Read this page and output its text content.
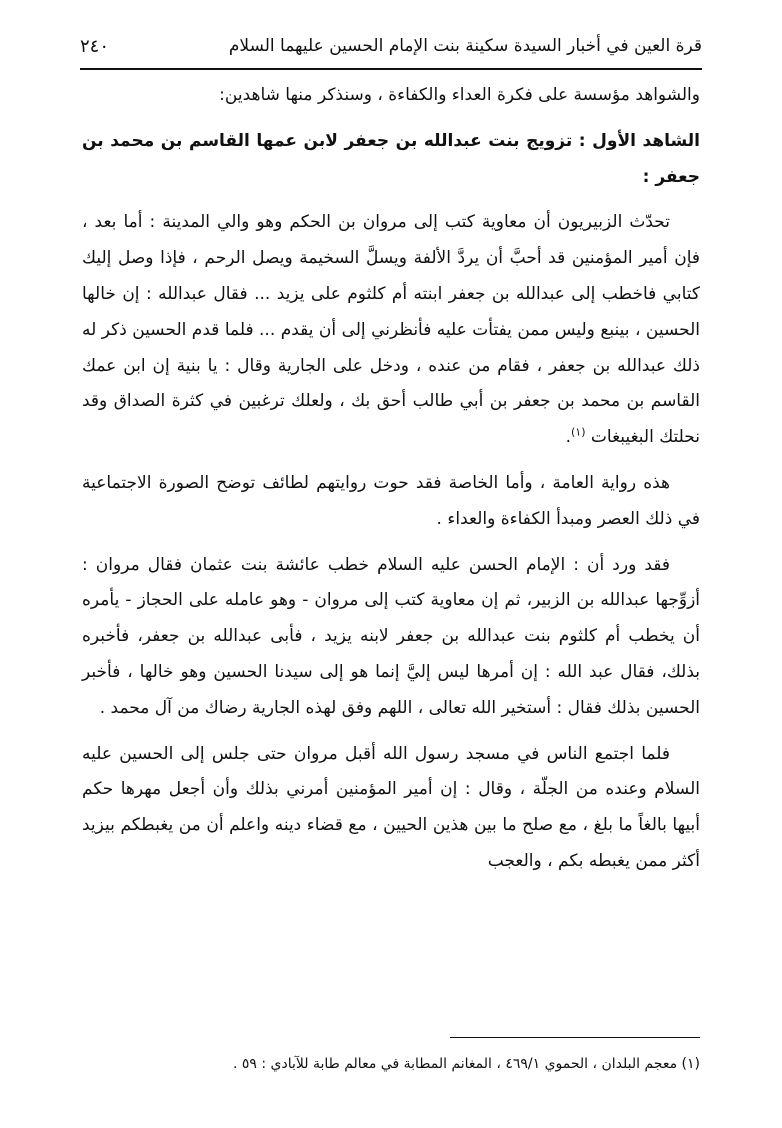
قرة العين في أخبار السيدة سكينة بنت الإمام الحسين عليهما السلام
٢٤٠

والشواهد مؤسسة على فكرة العداء والكفاءة ، وسنذكر منها شاهدين:

الشاهد الأول : تزويج بنت عبدالله بن جعفر لابن عمها القاسم بن محمد بن جعفر :

تحدّث الزبيريون أن معاوية كتب إلى مروان بن الحكم وهو والي المدينة : أما بعد ، فإن أمير المؤمنين قد أحبَّ أن يردَّ الألفة ويسلَّ السخيمة ويصل الرحم ، فإذا وصل إليك كتابي فاخطب إلى عبدالله بن جعفر ابنته أم كلثوم على يزيد ... فقال عبدالله : إن خالها الحسين ، بينبع وليس ممن يفتأت عليه فأنظرني إلى أن يقدم ... فلما قدم الحسين ذكر له ذلك عبدالله بن جعفر ، فقام من عنده ، ودخل على الجارية وقال : يا بنية إن ابن عمك القاسم بن محمد بن جعفر بن أبي طالب أحق بك ، ولعلك ترغبين في كثرة الصداق وقد نحلتك البغيبغات $^{(١)}$.

هذه رواية العامة ، وأما الخاصة فقد حوت روايتهم لطائف توضح الصورة الاجتماعية في ذلك العصر ومبدأ الكفاءة والعداء .

فقد ورد أن : الإمام الحسن عليه السلام خطب عائشة بنت عثمان فقال مروان : أزوِّجها عبدالله بن الزبير، ثم إن معاوية كتب إلى مروان - وهو عامله على الحجاز - يأمره أن يخطب أم كلثوم بنت عبدالله بن جعفر لابنه يزيد ، فأبى عبدالله بن جعفر، فأخبره بذلك، فقال عبد الله : إن أمرها ليس إليَّ إنما هو إلى سيدنا الحسين وهو خالها ، فأخبر الحسين بذلك فقال : أستخير الله تعالى ، اللهم وفق لهذه الجارية رضاك من آل محمد .

فلما اجتمع الناس في مسجد رسول الله أقبل مروان حتى جلس إلى الحسين عليه السلام وعنده من الجلّة ، وقال : إن أمير المؤمنين أمرني بذلك وأن أجعل مهرها حكم أبيها بالغاً ما بلغ ، مع صلح ما بين هذين الحيين ، مع قضاء دينه واعلم أن من يغبطكم بيزيد أكثر ممن يغبطه بكم ، والعجب

(١) معجم البلدان ، الحموي ٤٦٩/١ ، المغانم المطابة في معالم طابة للآبادي : ٥٩ .
